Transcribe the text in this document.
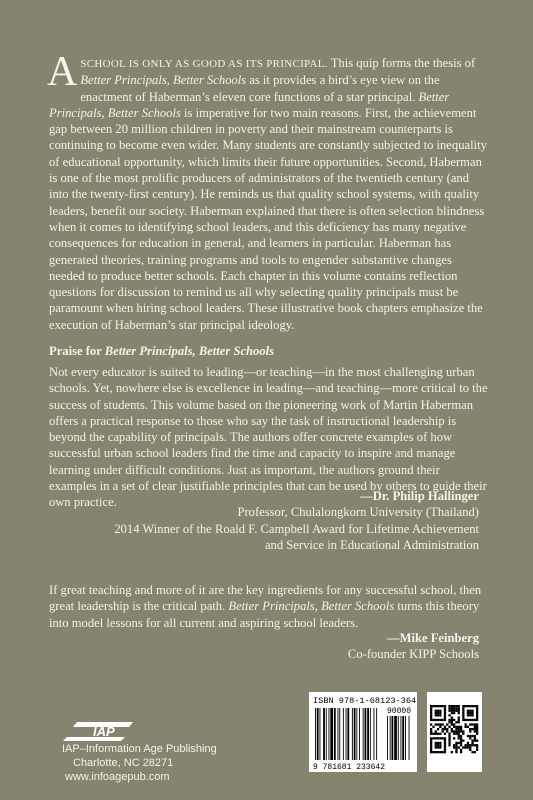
ASCHOOL IS ONLY AS GOOD AS ITS PRINCIPAL. This quip forms the thesis of Better Principals, Better Schools as it provides a bird’s eye view on the enactment of Haberman’s eleven core functions of a star principal. Better Principals, Better Schools is imperative for two main reasons. First, the achievement gap between 20 million children in poverty and their mainstream counterparts is continuing to become even wider. Many students are constantly subjected to inequality of educational opportunity, which limits their future opportunities. Second, Haberman is one of the most prolific producers of administrators of the twentieth century (and into the twenty-first century). He reminds us that quality school systems, with quality leaders, benefit our society. Haberman explained that there is often selection blindness when it comes to identifying school leaders, and this deficiency has many negative consequences for education in general, and learners in particular. Haberman has generated theories, training programs and tools to engender substantive changes needed to produce better schools. Each chapter in this volume contains reflection questions for discussion to remind us all why selecting quality principals must be paramount when hiring school leaders. These illustrative book chapters emphasize the execution of Haberman’s star principal ideology.
Praise for Better Principals, Better Schools
Not every educator is suited to leading—or teaching—in the most challenging urban schools. Yet, nowhere else is excellence in leading—and teaching—more critical to the success of students. This volume based on the pioneering work of Martin Haberman offers a practical response to those who say the task of instructional leadership is beyond the capability of principals. The authors offer concrete examples of how successful urban school leaders find the time and capacity to inspire and manage learning under difficult conditions. Just as important, the authors ground their examples in a set of clear justifiable principles that can be used by others to guide their own practice.	—Dr. Philip Hallinger
Professor, Chulalongkorn University (Thailand)
2014 Winner of the Roald F. Campbell Award for Lifetime Achievement
and Service in Educational Administration
If great teaching and more of it are the key ingredients for any successful school, then great leadership is the critical path. Better Principals, Better Schools turns this theory into model lessons for all current and aspiring school leaders.
—Mike Feinberg
Co-founder KIPP Schools
IAP
IAP–Information Age Publishing
Charlotte, NC 28271
www.infoagepub.com
ISBN 978-1-68123-364-2
90000
9 781681 233642
